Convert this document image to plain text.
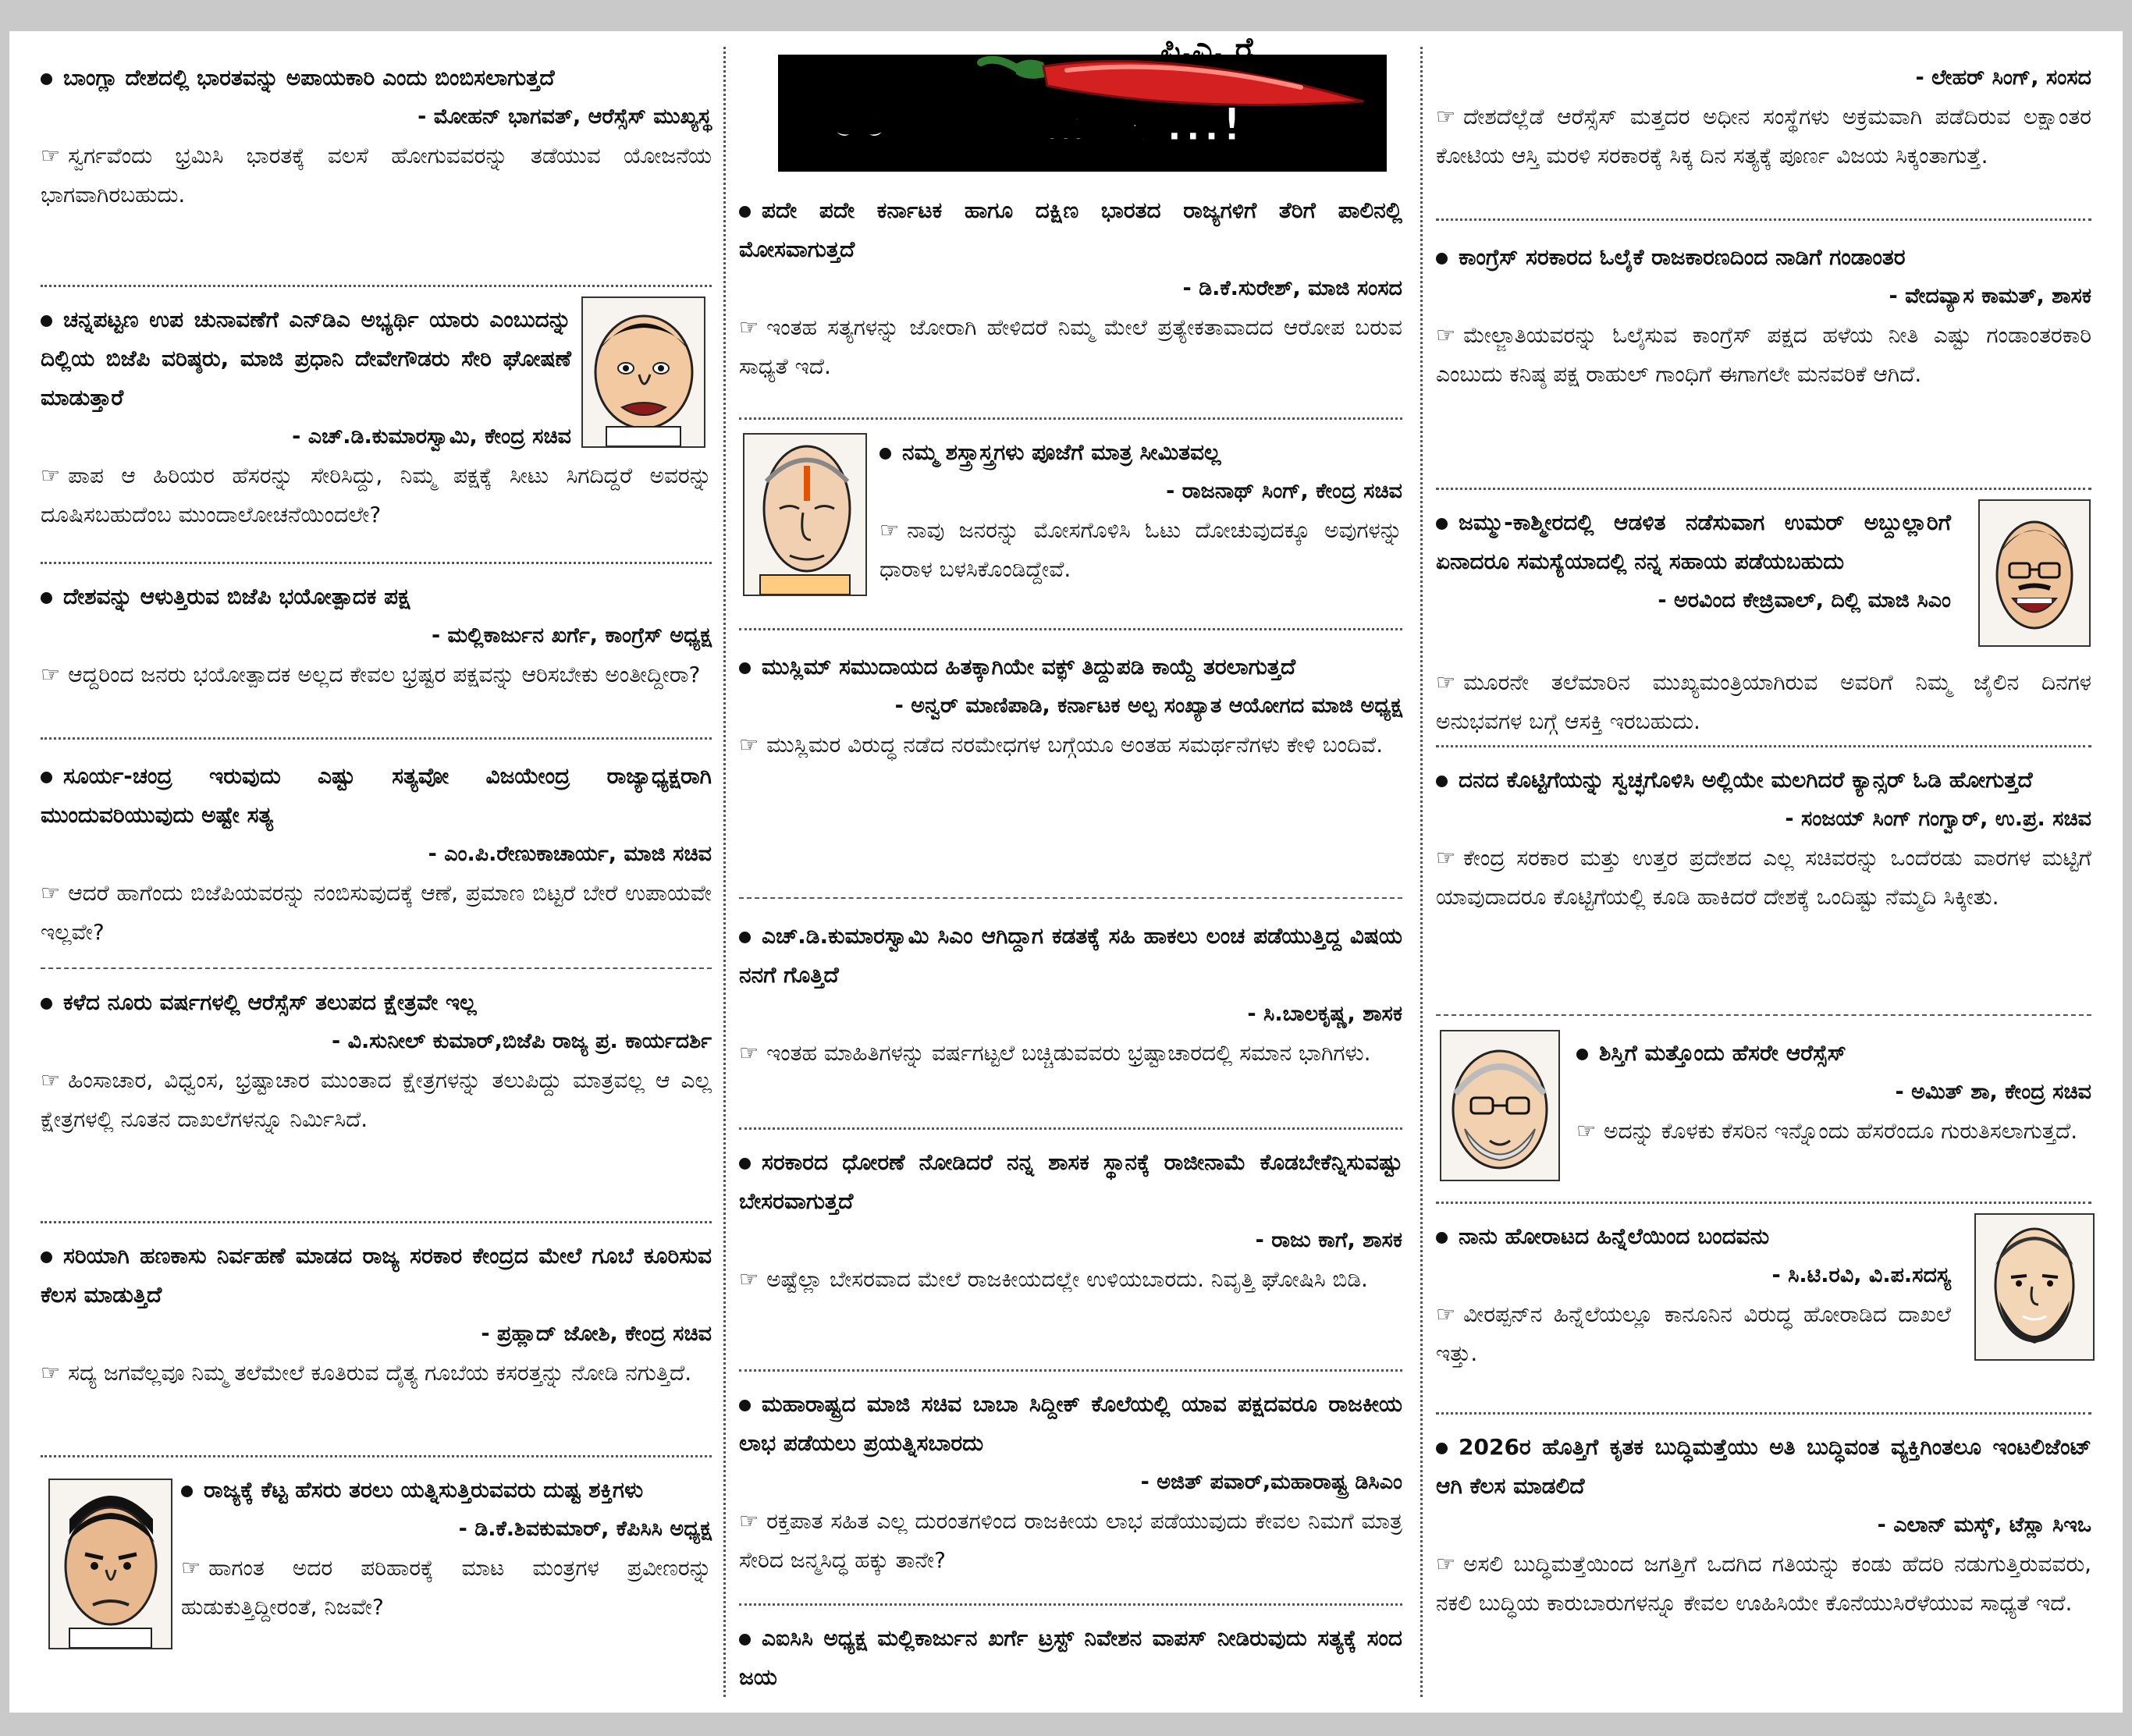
ಬಾಂಗ್ಲಾ ದೇಶದಲ್ಲಿ ಭಾರತವನ್ನು ಅಪಾಯಕಾರಿ ಎಂದು ಬಿಂಬಿಸಲಾಗುತ್ತದೆ
- ಮೋಹನ್ ಭಾಗವತ್, ಆರೆಸ್ಸೆಸ್ ಮುಖ್ಯಸ್ಥ
☞ ಸ್ವರ್ಗವೆಂದು ಭ್ರಮಿಸಿ ಭಾರತಕ್ಕೆ ವಲಸೆ ಹೋಗುವವರನ್ನು ತಡೆಯುವ ಯೋಜನೆಯ ಭಾಗವಾಗಿರಬಹುದು.
ಚನ್ನಪಟ್ಟಣ ಉಪ ಚುನಾವಣೆಗೆ ಎನ್‌ಡಿಎ ಅಭ್ಯರ್ಥಿ ಯಾರು ಎಂಬುದನ್ನು ದಿಲ್ಲಿಯ ಬಿಜೆಪಿ ವರಿಷ್ಠರು, ಮಾಜಿ ಪ್ರಧಾನಿ ದೇವೇಗೌಡರು ಸೇರಿ ಘೋಷಣೆ ಮಾಡುತ್ತಾರೆ
- ಎಚ್.ಡಿ.ಕುಮಾರಸ್ವಾಮಿ, ಕೇಂದ್ರ ಸಚಿವ
☞ ಪಾಪ ಆ ಹಿರಿಯರ ಹೆಸರನ್ನು ಸೇರಿಸಿದ್ದು, ನಿಮ್ಮ ಪಕ್ಷಕ್ಕೆ ಸೀಟು ಸಿಗದಿದ್ದರೆ ಅವರನ್ನು ದೂಷಿಸಬಹುದೆಂಬ ಮುಂದಾಲೋಚನೆಯಿಂದಲೇ?
ದೇಶವನ್ನು ಆಳುತ್ತಿರುವ ಬಿಜೆಪಿ ಭಯೋತ್ಪಾದಕ ಪಕ್ಷ
- ಮಲ್ಲಿಕಾರ್ಜುನ ಖರ್ಗೆ, ಕಾಂಗ್ರೆಸ್ ಅಧ್ಯಕ್ಷ
☞ ಆದ್ದರಿಂದ ಜನರು ಭಯೋತ್ಪಾದಕ ಅಲ್ಲದ ಕೇವಲ ಭ್ರಷ್ಟರ ಪಕ್ಷವನ್ನು ಆರಿಸಬೇಕು ಅಂತೀದ್ದೀರಾ?
ಸೂರ್ಯ-ಚಂದ್ರ ಇರುವುದು ಎಷ್ಟು ಸತ್ಯವೋ ವಿಜಯೇಂದ್ರ ರಾಜ್ಯಾಧ್ಯಕ್ಷರಾಗಿ ಮುಂದುವರಿಯುವುದು ಅಷ್ಟೇ ಸತ್ಯ
- ಎಂ.ಪಿ.ರೇಣುಕಾಚಾರ್ಯ, ಮಾಜಿ ಸಚಿವ
☞ ಆದರೆ ಹಾಗೆಂದು ಬಿಜೆಪಿಯವರನ್ನು ನಂಬಿಸುವುದಕ್ಕೆ ಆಣೆ, ಪ್ರಮಾಣ ಬಿಟ್ಟರೆ ಬೇರೆ ಉಪಾಯವೇ ಇಲ್ಲವೇ?
ಕಳೆದ ನೂರು ವರ್ಷಗಳಲ್ಲಿ ಆರೆಸ್ಸೆಸ್ ತಲುಪದ ಕ್ಷೇತ್ರವೇ ಇಲ್ಲ
- ವಿ.ಸುನೀಲ್ ಕುಮಾರ್,ಬಿಜೆಪಿ ರಾಜ್ಯ ಪ್ರ. ಕಾರ್ಯದರ್ಶಿ
☞ ಹಿಂಸಾಚಾರ, ವಿಧ್ವಂಸ, ಭ್ರಷ್ಟಾಚಾರ ಮುಂತಾದ ಕ್ಷೇತ್ರಗಳನ್ನು ತಲುಪಿದ್ದು ಮಾತ್ರವಲ್ಲ ಆ ಎಲ್ಲ ಕ್ಷೇತ್ರಗಳಲ್ಲಿ ನೂತನ ದಾಖಲೆಗಳನ್ನೂ ನಿರ್ಮಿಸಿದೆ.
ಸರಿಯಾಗಿ ಹಣಕಾಸು ನಿರ್ವಹಣೆ ಮಾಡದ ರಾಜ್ಯ ಸರಕಾರ ಕೇಂದ್ರದ ಮೇಲೆ ಗೂಬೆ ಕೂರಿಸುವ ಕೆಲಸ ಮಾಡುತ್ತಿದೆ
- ಪ್ರಹ್ಲಾದ್ ಜೋಶಿ, ಕೇಂದ್ರ ಸಚಿವ
☞ ಸದ್ಯ ಜಗವೆಲ್ಲವೂ ನಿಮ್ಮ ತಲೆಮೇಲೆ ಕೂತಿರುವ ದೈತ್ಯ ಗೂಬೆಯ ಕಸರತ್ತನ್ನು ನೋಡಿ ನಗುತ್ತಿದೆ.
ರಾಜ್ಯಕ್ಕೆ ಕೆಟ್ಟ ಹೆಸರು ತರಲು ಯತ್ನಿಸುತ್ತಿರುವವರು ದುಷ್ಟ ಶಕ್ತಿಗಳು
- ಡಿ.ಕೆ.ಶಿವಕುಮಾರ್, ಕೆಪಿಸಿಸಿ ಅಧ್ಯಕ್ಷ
☞ ಹಾಗಂತ ಅದರ ಪರಿಹಾರಕ್ಕೆ ಮಾಟ ಮಂತ್ರಗಳ ಪ್ರವೀಣರನ್ನು ಹುಡುಕುತ್ತಿದ್ದೀರಂತೆ, ನಿಜವೇ?
ಪಿ.ಎ. ರೈ
ಓ	ಮೆಣಸೇ...!
ಪದೇ ಪದೇ ಕರ್ನಾಟಕ ಹಾಗೂ ದಕ್ಷಿಣ ಭಾರತದ ರಾಜ್ಯಗಳಿಗೆ ತೆರಿಗೆ ಪಾಲಿನಲ್ಲಿ ಮೋಸವಾಗುತ್ತದೆ
- ಡಿ.ಕೆ.ಸುರೇಶ್, ಮಾಜಿ ಸಂಸದ
☞ ಇಂತಹ ಸತ್ಯಗಳನ್ನು ಜೋರಾಗಿ ಹೇಳಿದರೆ ನಿಮ್ಮ ಮೇಲೆ ಪ್ರತ್ಯೇಕತಾವಾದದ ಆರೋಪ ಬರುವ ಸಾಧ್ಯತೆ ಇದೆ.
ನಮ್ಮ ಶಸ್ತ್ರಾಸ್ತ್ರಗಳು ಪೂಜೆಗೆ ಮಾತ್ರ ಸೀಮಿತವಲ್ಲ
- ರಾಜನಾಥ್ ಸಿಂಗ್, ಕೇಂದ್ರ ಸಚಿವ
☞ ನಾವು ಜನರನ್ನು ಮೋಸಗೊಳಿಸಿ ಓಟು ದೋಚುವುದಕ್ಕೂ ಅವುಗಳನ್ನು ಧಾರಾಳ ಬಳಸಿಕೊಂಡಿದ್ದೇವೆ.
ಮುಸ್ಲಿಮ್ ಸಮುದಾಯದ ಹಿತಕ್ಕಾಗಿಯೇ ವಕ್ಫ್ ತಿದ್ದುಪಡಿ ಕಾಯ್ದೆ ತರಲಾಗುತ್ತದೆ
- ಅನ್ವರ್ ಮಾಣಿಪಾಡಿ, ಕರ್ನಾಟಕ ಅಲ್ಪ ಸಂಖ್ಯಾತ ಆಯೋಗದ ಮಾಜಿ ಅಧ್ಯಕ್ಷ
☞ ಮುಸ್ಲಿಮರ ವಿರುದ್ಧ ನಡೆದ ನರಮೇಧಗಳ ಬಗ್ಗೆಯೂ ಅಂತಹ ಸಮರ್ಥನೆಗಳು ಕೇಳಿ ಬಂದಿವೆ.
ಎಚ್.ಡಿ.ಕುಮಾರಸ್ವಾಮಿ ಸಿಎಂ ಆಗಿದ್ದಾಗ ಕಡತಕ್ಕೆ ಸಹಿ ಹಾಕಲು ಲಂಚ ಪಡೆಯುತ್ತಿದ್ದ ವಿಷಯ ನನಗೆ ಗೊತ್ತಿದೆ
- ಸಿ.ಬಾಲಕೃಷ್ಣ, ಶಾಸಕ
☞ ಇಂತಹ ಮಾಹಿತಿಗಳನ್ನು ವರ್ಷಗಟ್ಟಲೆ ಬಚ್ಚಿಡುವವರು ಭ್ರಷ್ಟಾಚಾರದಲ್ಲಿ ಸಮಾನ ಭಾಗಿಗಳು.
ಸರಕಾರದ ಧೋರಣೆ ನೋಡಿದರೆ ನನ್ನ ಶಾಸಕ ಸ್ಥಾನಕ್ಕೆ ರಾಜೀನಾಮೆ ಕೊಡಬೇಕೆನ್ನಿಸುವಷ್ಟು ಬೇಸರವಾಗುತ್ತದೆ
- ರಾಜು ಕಾಗೆ, ಶಾಸಕ
☞ ಅಷ್ಟೆಲ್ಲಾ ಬೇಸರವಾದ ಮೇಲೆ ರಾಜಕೀಯದಲ್ಲೇ ಉಳಿಯಬಾರದು. ನಿವೃತ್ತಿ ಘೋಷಿಸಿ ಬಿಡಿ.
ಮಹಾರಾಷ್ಟ್ರದ ಮಾಜಿ ಸಚಿವ ಬಾಬಾ ಸಿದ್ದೀಕ್ ಕೊಲೆಯಲ್ಲಿ ಯಾವ ಪಕ್ಷದವರೂ ರಾಜಕೀಯ ಲಾಭ ಪಡೆಯಲು ಪ್ರಯತ್ನಿಸಬಾರದು
- ಅಜಿತ್ ಪವಾರ್,ಮಹಾರಾಷ್ಟ್ರ ಡಿಸಿಎಂ
☞ ರಕ್ತಪಾತ ಸಹಿತ ಎಲ್ಲ ದುರಂತಗಳಿಂದ ರಾಜಕೀಯ ಲಾಭ ಪಡೆಯುವುದು ಕೇವಲ ನಿಮಗೆ ಮಾತ್ರ ಸೇರಿದ ಜನ್ಮಸಿದ್ಧ ಹಕ್ಕು ತಾನೇ?
ಎಐಸಿಸಿ ಅಧ್ಯಕ್ಷ ಮಲ್ಲಿಕಾರ್ಜುನ ಖರ್ಗೆ ಟ್ರಸ್ಟ್ ನಿವೇಶನ ವಾಪಸ್ ನೀಡಿರುವುದು ಸತ್ಯಕ್ಕೆ ಸಂದ ಜಯ
- ಲೇಹರ್ ಸಿಂಗ್, ಸಂಸದ
☞ ದೇಶದೆಲ್ಲೆಡೆ ಆರೆಸ್ಸೆಸ್ ಮತ್ತದರ ಅಧೀನ ಸಂಸ್ಥೆಗಳು ಅಕ್ರಮವಾಗಿ ಪಡೆದಿರುವ ಲಕ್ಷಾಂತರ ಕೋಟಿಯ ಆಸ್ತಿ ಮರಳಿ ಸರಕಾರಕ್ಕೆ ಸಿಕ್ಕ ದಿನ ಸತ್ಯಕ್ಕೆ ಪೂರ್ಣ ವಿಜಯ ಸಿಕ್ಕಂತಾಗುತ್ತೆ.
ಕಾಂಗ್ರೆಸ್ ಸರಕಾರದ ಓಲೈಕೆ ರಾಜಕಾರಣದಿಂದ ನಾಡಿಗೆ ಗಂಡಾಂತರ
- ವೇದವ್ಯಾಸ ಕಾಮತ್, ಶಾಸಕ
☞ ಮೇಲ್ಜಾತಿಯವರನ್ನು ಓಲೈಸುವ ಕಾಂಗ್ರೆಸ್ ಪಕ್ಷದ ಹಳೆಯ ನೀತಿ ಎಷ್ಟು ಗಂಡಾಂತರಕಾರಿ ಎಂಬುದು ಕನಿಷ್ಠ ಪಕ್ಷ ರಾಹುಲ್ ಗಾಂಧಿಗೆ ಈಗಾಗಲೇ ಮನವರಿಕೆ ಆಗಿದೆ.
ಜಮ್ಮು-ಕಾಶ್ಮೀರದಲ್ಲಿ ಆಡಳಿತ ನಡೆಸುವಾಗ ಉಮರ್ ಅಬ್ದುಲ್ಲಾರಿಗೆ ಏನಾದರೂ ಸಮಸ್ಯೆಯಾದಲ್ಲಿ ನನ್ನ ಸಹಾಯ ಪಡೆಯಬಹುದು
- ಅರವಿಂದ ಕೇಜ್ರಿವಾಲ್, ದಿಲ್ಲಿ ಮಾಜಿ ಸಿಎಂ
☞ ಮೂರನೇ ತಲೆಮಾರಿನ ಮುಖ್ಯಮಂತ್ರಿಯಾಗಿರುವ ಅವರಿಗೆ ನಿಮ್ಮ ಜೈಲಿನ ದಿನಗಳ ಅನುಭವಗಳ ಬಗ್ಗೆ ಆಸಕ್ತಿ ಇರಬಹುದು.
ದನದ ಕೊಟ್ಟಿಗೆಯನ್ನು ಸ್ವಚ್ಛಗೊಳಿಸಿ ಅಲ್ಲಿಯೇ ಮಲಗಿದರೆ ಕ್ಯಾನ್ಸರ್ ಓಡಿ ಹೋಗುತ್ತದೆ
- ಸಂಜಯ್ ಸಿಂಗ್ ಗಂಗ್ವಾರ್, ಉ.ಪ್ರ. ಸಚಿವ
☞ ಕೇಂದ್ರ ಸರಕಾರ ಮತ್ತು ಉತ್ತರ ಪ್ರದೇಶದ ಎಲ್ಲ ಸಚಿವರನ್ನು ಒಂದೆರಡು ವಾರಗಳ ಮಟ್ಟಿಗೆ ಯಾವುದಾದರೂ ಕೊಟ್ಟಿಗೆಯಲ್ಲಿ ಕೂಡಿ ಹಾಕಿದರೆ ದೇಶಕ್ಕೆ ಒಂದಿಷ್ಟು ನೆಮ್ಮದಿ ಸಿಕ್ಕೀತು.
ಶಿಸ್ತಿಗೆ ಮತ್ತೊಂದು ಹೆಸರೇ ಆರೆಸ್ಸೆಸ್
- ಅಮಿತ್ ಶಾ, ಕೇಂದ್ರ ಸಚಿವ
☞ ಅದನ್ನು ಕೊಳಕು ಕೆಸರಿನ ಇನ್ನೊಂದು ಹೆಸರೆಂದೂ ಗುರುತಿಸಲಾಗುತ್ತದೆ.
ನಾನು ಹೋರಾಟದ ಹಿನ್ನೆಲೆಯಿಂದ ಬಂದವನು
- ಸಿ.ಟಿ.ರವಿ, ವಿ.ಪ.ಸದಸ್ಯ
☞ ವೀರಪ್ಪನ್‌ನ ಹಿನ್ನೆಲೆಯಲ್ಲೂ ಕಾನೂನಿನ ವಿರುದ್ಧ ಹೋರಾಡಿದ ದಾಖಲೆ ಇತ್ತು.
2026ರ ಹೊತ್ತಿಗೆ ಕೃತಕ ಬುದ್ಧಿಮತ್ತೆಯು ಅತಿ ಬುದ್ಧಿವಂತ ವ್ಯಕ್ತಿಗಿಂತಲೂ ಇಂಟಲಿಜೆಂಟ್ ಆಗಿ ಕೆಲಸ ಮಾಡಲಿದೆ
- ಎಲಾನ್ ಮಸ್ಕ್, ಟೆಸ್ಲಾ ಸಿಇಒ
☞ ಅಸಲಿ ಬುದ್ಧಿಮತ್ತೆಯಿಂದ ಜಗತ್ತಿಗೆ ಒದಗಿದ ಗತಿಯನ್ನು ಕಂಡು ಹೆದರಿ ನಡುಗುತ್ತಿರುವವರು, ನಕಲಿ ಬುದ್ಧಿಯ ಕಾರುಬಾರುಗಳನ್ನೂ ಕೇವಲ ಊಹಿಸಿಯೇ ಕೊನೆಯುಸಿರೆಳೆಯುವ ಸಾಧ್ಯತೆ ಇದೆ.
